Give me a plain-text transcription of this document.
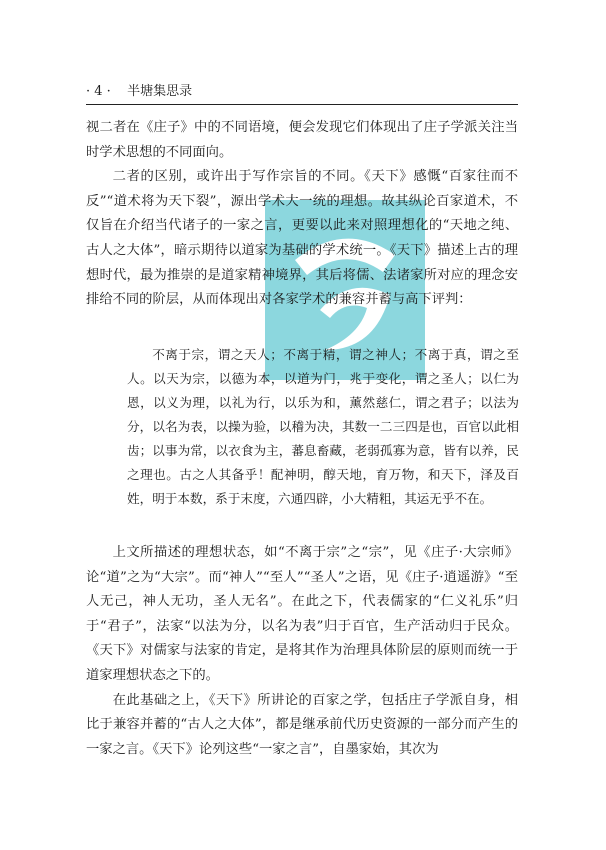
· 4 · 半塘集思录

视二者在《庄子》中的不同语境，便会发现它们体现出了庄子学派关注当时学术思想的不同面向。

二者的区别，或许出于写作宗旨的不同。《天下》感慨“百家往而不反”“道术将为天下裂”，源出学术大一统的理想。故其纵论百家道术，不仅旨在介绍当代诸子的一家之言，更要以此来对照理想化的“天地之纯、古人之大体”，暗示期待以道家为基础的学术统一。《天下》描述上古的理想时代，最为推崇的是道家精神境界，其后将儒、法诸家所对应的理念安排给不同的阶层，从而体现出对各家学术的兼容并蓄与高下评判：

不离于宗，谓之天人；不离于精，谓之神人；不离于真，谓之至人。以天为宗，以德为本，以道为门，兆于变化，谓之圣人；以仁为恩，以义为理，以礼为行，以乐为和，薰然慈仁，谓之君子；以法为分，以名为表，以操为验，以稽为决，其数一二三四是也，百官以此相齿；以事为常，以衣食为主，蕃息畜藏，老弱孤寡为意，皆有以养，民之理也。古之人其备乎！配神明，醇天地，育万物，和天下，泽及百姓，明于本数，系于末度，六通四辟，小大精粗，其运无乎不在。

上文所描述的理想状态，如“不离于宗”之“宗”，见《庄子·大宗师》论“道”之为“大宗”。而“神人”“至人”“圣人”之语，见《庄子·逍遥游》“至人无己，神人无功，圣人无名”。在此之下，代表儒家的“仁义礼乐”归于“君子”，法家“以法为分，以名为表”归于百官，生产活动归于民众。《天下》对儒家与法家的肯定，是将其作为治理具体阶层的原则而统一于道家理想状态之下的。

在此基础之上，《天下》所讲论的百家之学，包括庄子学派自身，相比于兼容并蓄的“古人之大体”，都是继承前代历史资源的一部分而产生的一家之言。《天下》论列这些“一家之言”，自墨家始，其次为
